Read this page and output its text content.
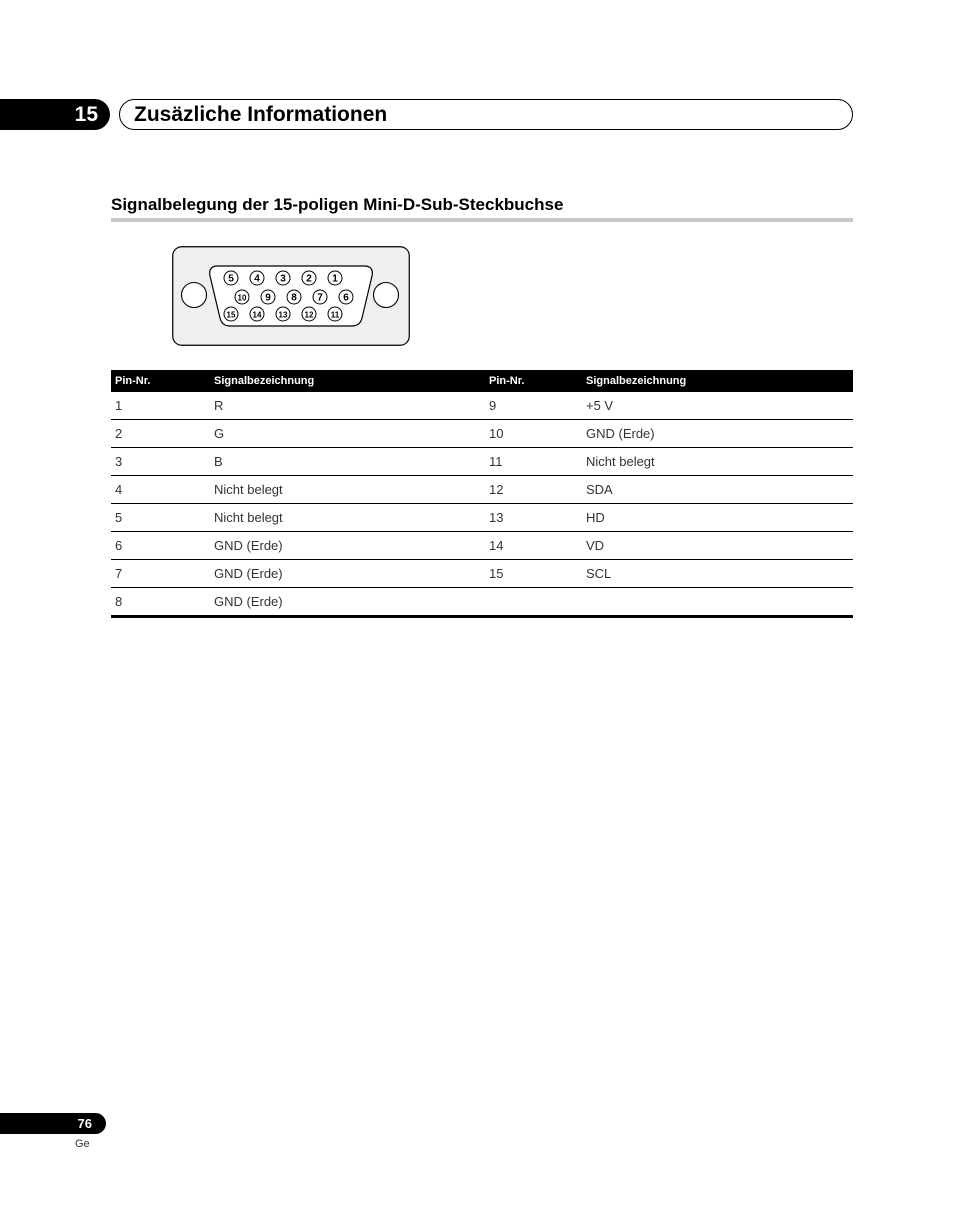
15	Zusäzliche Informationen
Signalbelegung der 15-poligen Mini-D-Sub-Steckbuchse
5 4 3 2 1
10 9 8 7 6
15 14 13 12 11
Pin-Nr.	Signalbezeichnung	Pin-Nr.	Signalbezeichnung
1	R	9	+5 V
2	G	10	GND (Erde)
3	B	11	Nicht belegt
4	Nicht belegt	12	SDA
5	Nicht belegt	13	HD
6	GND (Erde)	14	VD
7	GND (Erde)	15	SCL
8	GND (Erde)		
76
Ge
